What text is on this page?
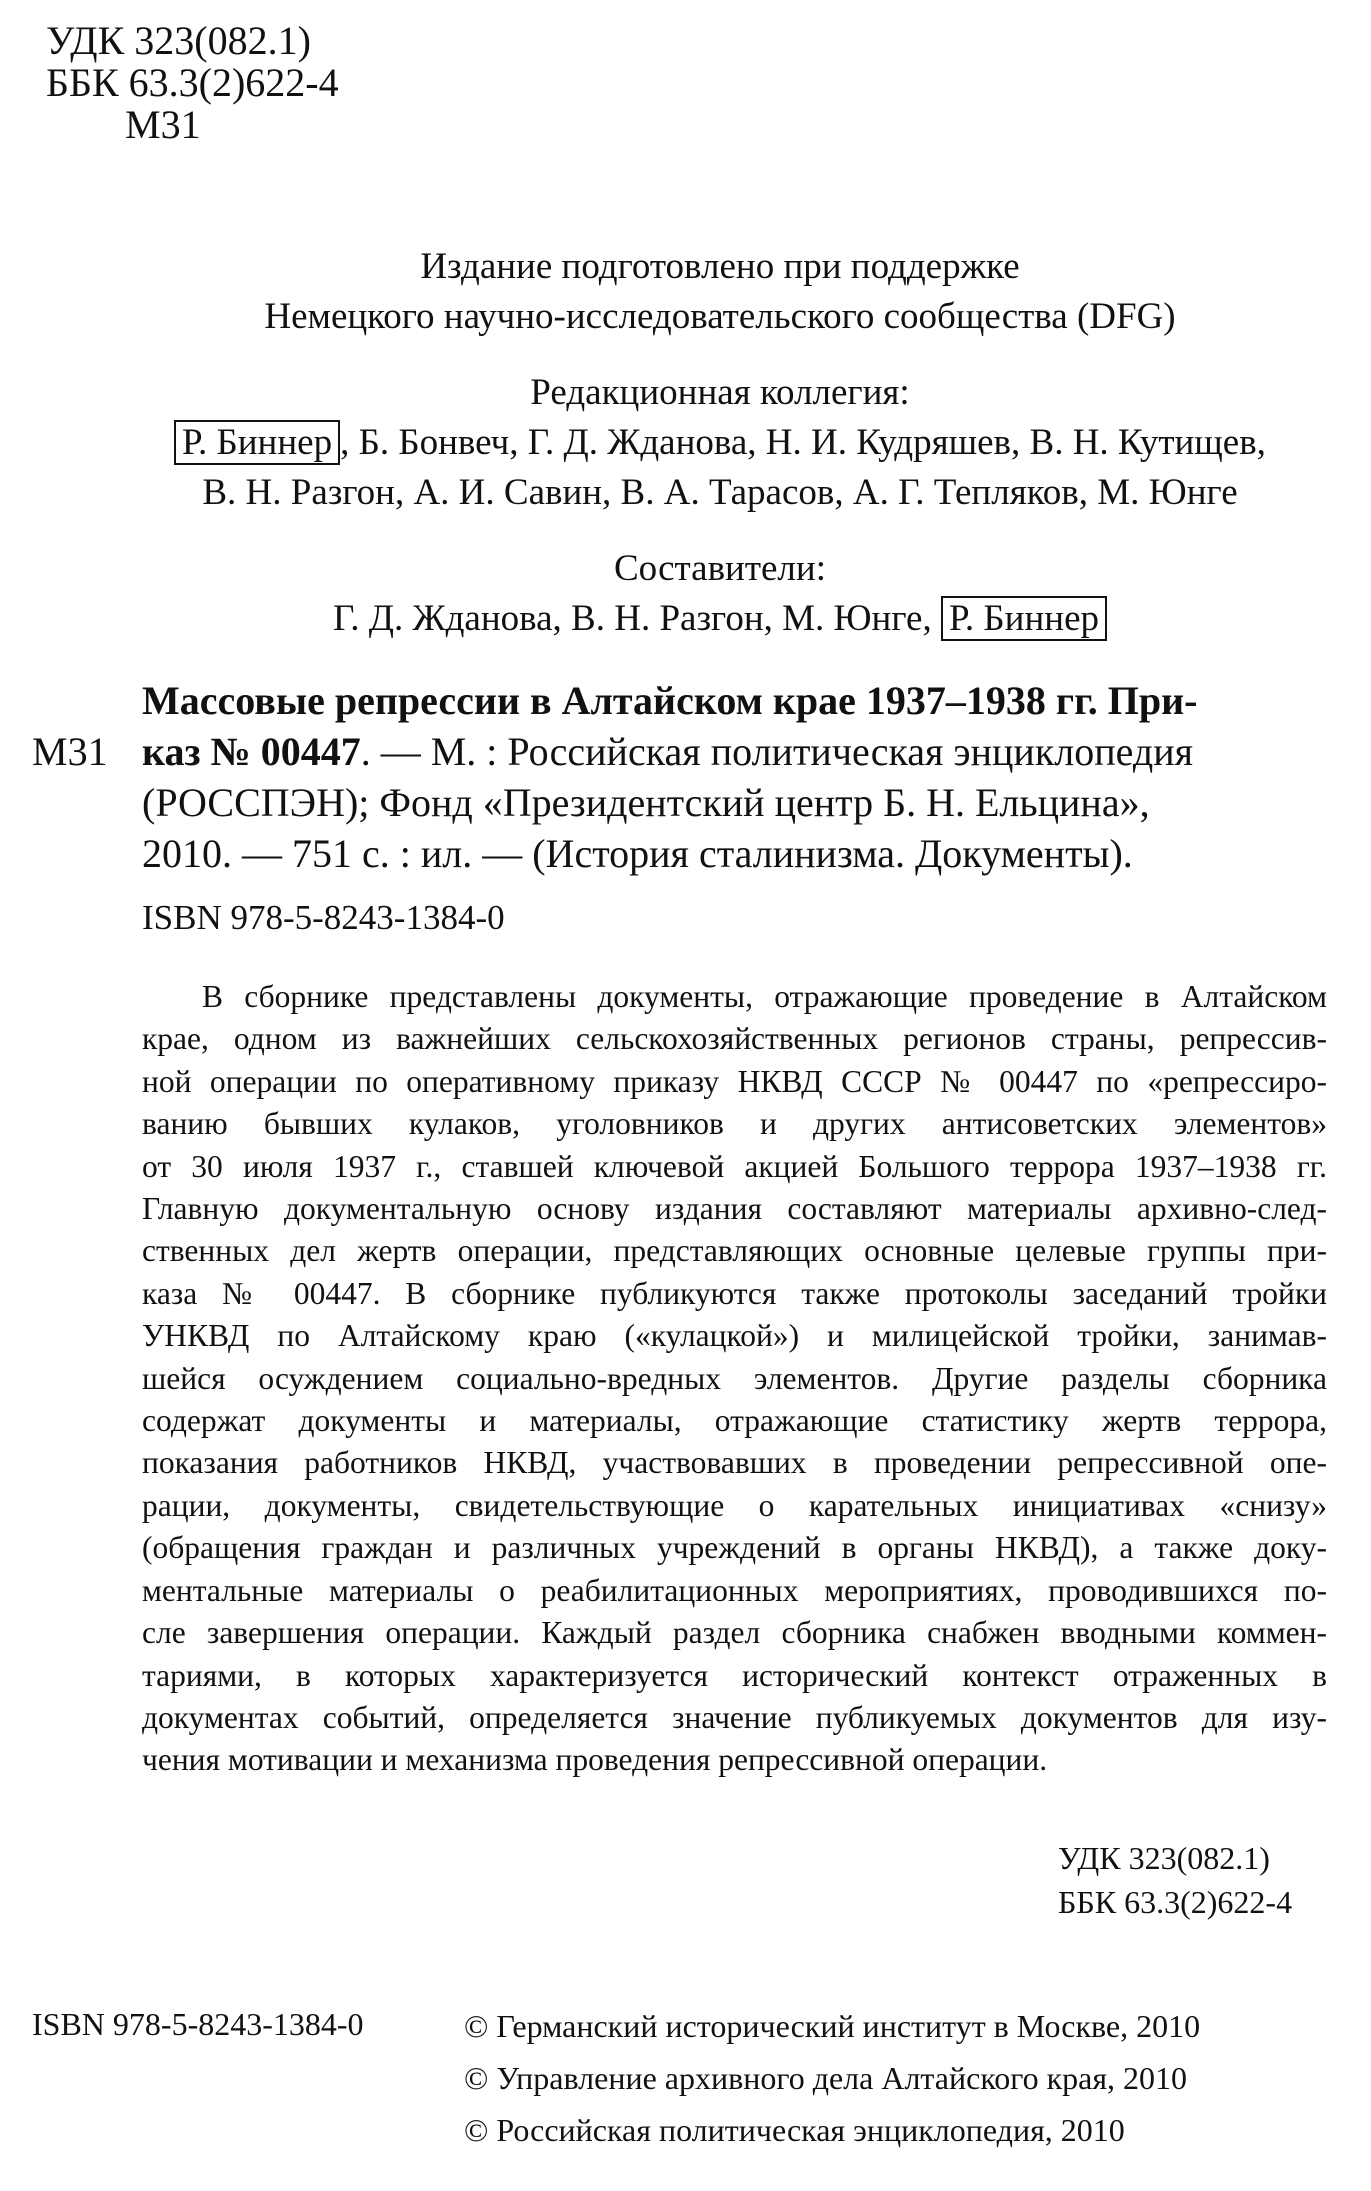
УДК 323(082.1)
ББК 63.3(2)622-4
М31
Издание подготовлено при поддержке
Немецкого научно-исследовательского сообщества (DFG)
Редакционная коллегия:
Р. Биннер , Б. Бонвеч, Г. Д. Жданова, Н. И. Кудряшев, В. Н. Кутищев,
В. Н. Разгон, А. И. Савин, В. А. Тарасов, А. Г. Тепляков, М. Юнге
Составители:
Г. Д. Жданова, В. Н. Разгон, М. Юнге, Р. Биннер
М31
Массовые репрессии в Алтайском крае 1937–1938 гг. При-
каз № 00447. — М. : Российская политическая энциклопедия
(РОССПЭН); Фонд «Президентский центр Б. Н. Ельцина»,
2010. — 751 с. : ил. — (История сталинизма. Документы).
ISBN 978-5-8243-1384-0
В сборнике представлены документы, отражающие проведение в Алтайском
крае, одном из важнейших сельскохозяйственных регионов страны, репрессив-
ной операции по оперативному приказу НКВД СССР № 00447 по «репрессиро-
ванию бывших кулаков, уголовников и других антисоветских элементов»
от 30 июля 1937 г., ставшей ключевой акцией Большого террора 1937–1938 гг.
Главную документальную основу издания составляют материалы архивно-след-
ственных дел жертв операции, представляющих основные целевые группы при-
каза № 00447. В сборнике публикуются также протоколы заседаний тройки
УНКВД по Алтайскому краю («кулацкой») и милицейской тройки, занимав-
шейся осуждением социально-вредных элементов. Другие разделы сборника
содержат документы и материалы, отражающие статистику жертв террора,
показания работников НКВД, участвовавших в проведении репрессивной опе-
рации, документы, свидетельствующие о карательных инициативах «снизу»
(обращения граждан и различных учреждений в органы НКВД), а также доку-
ментальные материалы о реабилитационных мероприятиях, проводившихся по-
сле завершения операции. Каждый раздел сборника снабжен вводными коммен-
тариями, в которых характеризуется исторический контекст отраженных в
документах событий, определяется значение публикуемых документов для изу-
чения мотивации и механизма проведения репрессивной операции.
УДК 323(082.1)
ББК 63.3(2)622-4
ISBN 978-5-8243-1384-0	© Германский исторический институт в Москве, 2010
© Управление архивного дела Алтайского края, 2010
© Российская политическая энциклопедия, 2010
